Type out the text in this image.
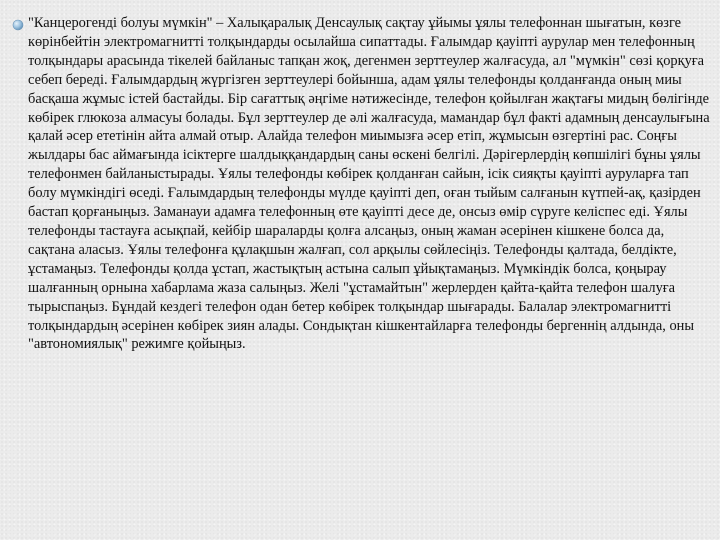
"Канцерогенді болуы мүмкін" – Халықаралық Денсаулық сақтау ұйымы ұялы телефоннан шығатын, көзге көрінбейтін электромагнитті толқындарды осылайша сипаттады. Ғалымдар қауіпті аурулар мен телефонның толқындары арасында тікелей байланыс тапқан жоқ, дегенмен зерттеулер жалғасуда, ал "мүмкін" сөзі қорқуға себеп береді. Ғалымдардың жүргізген зерттеулері бойынша, адам ұялы телефонды қолданғанда оның миы басқаша жұмыс істей бастайды. Бір сағаттық әңгіме нәтижесінде, телефон қойылған жақтағы мидың бөлігінде көбірек глюкоза алмасуы болады. Бұл зерттеулер де әлі жалғасуда, мамандар бұл факті адамның денсаулығына қалай әсер ететінін айта алмай отыр. Алайда телефон миымызға әсер етіп, жұмысын өзгертіні рас. Соңғы жылдары бас аймағында ісіктерге шалдыққандардың саны өскені белгілі. Дәрігерлердің көпшілігі бұны ұялы телефонмен байланыстырады. Ұялы телефонды көбірек қолданған сайын, ісік сияқты қауіпті ауруларға тап болу мүмкіндігі өседі. Ғалымдардың телефонды мүлде қауіпті деп, оған тыйым салғанын күтпей-ақ, қазірден бастап қорғаныңыз. Заманауи адамға телефонның өте қауіпті десе де, онсыз өмір сүруге келіспес еді. Ұялы телефонды тастауға асықпай, кейбір шараларды қолға алсаңыз, оның жаман әсерінен кішкене болса да, сақтана аласыз. Ұялы телефонға құлақшын жалғап, сол арқылы сөйлесіңіз. Телефонды қалтада, белдікте, ұстамаңыз. Телефонды қолда ұстап, жастықтың астына салып ұйықтамаңыз. Мүмкіндік болса, қоңырау шалғанның орнына хабарлама жаза салыңыз. Желі "ұстамайтын" жерлерден қайта-қайта телефон шалуға тырыспаңыз. Бұндай кездегі телефон одан бетер көбірек толқындар шығарады. Балалар электромагнитті толқындардың әсерінен көбірек зиян алады. Сондықтан кішкентайларға телефонды бергеннің алдында, оны "автономиялық" режимге қойыңыз.
